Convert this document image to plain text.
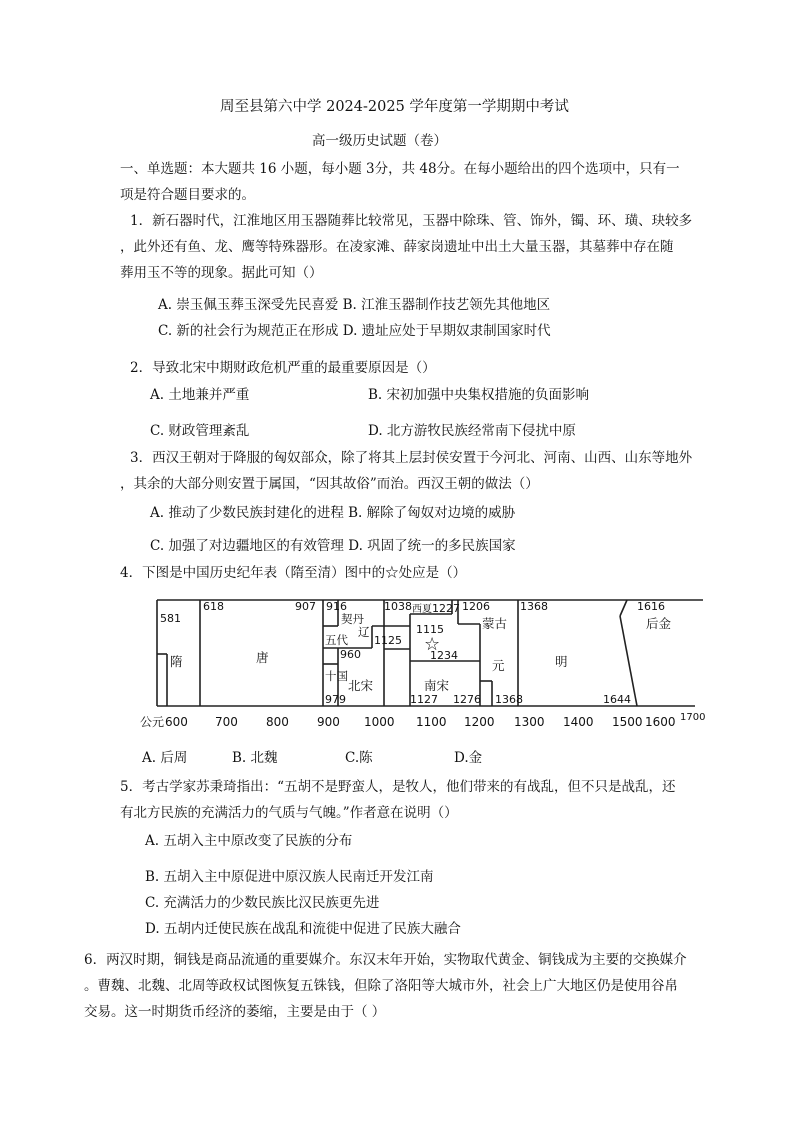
周至县第六中学 2024-2025 学年度第一学期期中考试
高一级历史试题（卷）
一、单选题：本大题共 16 小题，每小题 3分，共 48分。在每小题给出的四个选项中，只有一
项是符合题目要求的。
1．新石器时代，江淮地区用玉器随葬比较常见，玉器中除珠、管、饰外，镯、环、璜、玦较多
，此外还有鱼、龙、鹰等特殊器形。在凌家滩、薛家岗遗址中出土大量玉器，其墓葬中存在随
葬用玉不等的现象。据此可知（）
A. 崇玉佩玉葬玉深受先民喜爱 B. 江淮玉器制作技艺领先其他地区
C. 新的社会行为规范正在形成 D. 遗址应处于早期奴隶制国家时代
2．导致北宋中期财政危机严重的最重要原因是（）
A. 土地兼并严重	B. 宋初加强中央集权措施的负面影响
C. 财政管理紊乱	D. 北方游牧民族经常南下侵扰中原
3．西汉王朝对于降服的匈奴部众，除了将其上层封侯安置于今河北、河南、山西、山东等地外
，其余的大部分则安置于属国，“因其故俗”而治。西汉王朝的做法（）
A. 推动了少数民族封建化的进程 B. 解除了匈奴对边境的威胁
C. 加强了对边疆地区的有效管理 D. 巩固了统一的多民族国家
4．下图是中国历史纪年表（隋至清）图中的☆处应是（）
581
618	907 916
960
979
1038
1125
1127
1115
1227
1234
1206
1276
1368
1368
1616
1644
隋	唐
五代
十国
北宋	南宋
契丹
辽
西夏
蒙古
元	明
后金
☆
公元 600 700 800 900 1000 1100 1200 1300 1400 1500 1600 1700
A. 后周	B. 北魏	C.陈	D.金
5．考古学家苏秉琦指出：“五胡不是野蛮人，是牧人，他们带来的有战乱，但不只是战乱，还
有北方民族的充满活力的气质与气魄。”作者意在说明（）
A. 五胡入主中原改变了民族的分布
B. 五胡入主中原促进中原汉族人民南迁开发江南
C. 充满活力的少数民族比汉民族更先进
D. 五胡内迁使民族在战乱和流徙中促进了民族大融合
6．两汉时期，铜钱是商品流通的重要媒介。东汉末年开始，实物取代黄金、铜钱成为主要的交换媒介
。曹魏、北魏、北周等政权试图恢复五铢钱，但除了洛阳等大城市外，社会上广大地区仍是使用谷帛
交易。这一时期货币经济的萎缩，主要是由于（ ）
